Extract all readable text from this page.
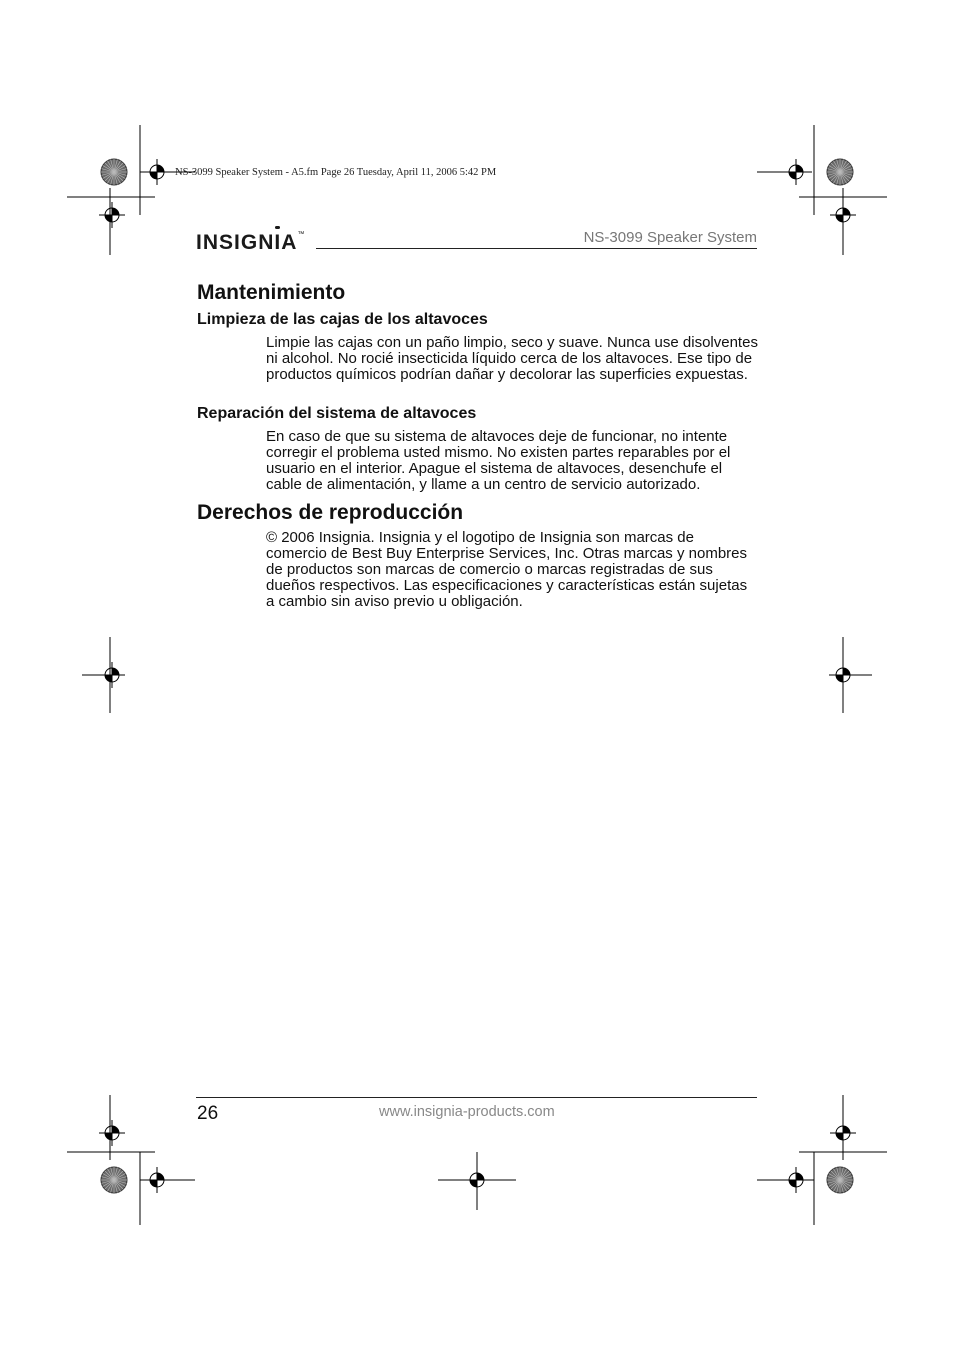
NS-3099 Speaker System - A5.fm Page 26 Tuesday, April 11, 2006 5:42 PM
INSIGNIA™	NS-3099 Speaker System
Mantenimiento
Limpieza de las cajas de los altavoces
Limpie las cajas con un paño limpio, seco y suave. Nunca use disolventes ni alcohol. No rocié insecticida líquido cerca de los altavoces. Ese tipo de productos químicos podrían dañar y decolorar las superficies expuestas.
Reparación del sistema de altavoces
En caso de que su sistema de altavoces deje de funcionar, no intente corregir el problema usted mismo. No existen partes reparables por el usuario en el interior. Apague el sistema de altavoces, desenchufe el cable de alimentación, y llame a un centro de servicio autorizado.
Derechos de reproducción
© 2006 Insignia. Insignia y el logotipo de Insignia son marcas de comercio de Best Buy Enterprise Services, Inc. Otras marcas y nombres de productos son marcas de comercio o marcas registradas de sus dueños respectivos. Las especificaciones y características están sujetas a cambio sin aviso previo u obligación.
26	www.insignia-products.com
